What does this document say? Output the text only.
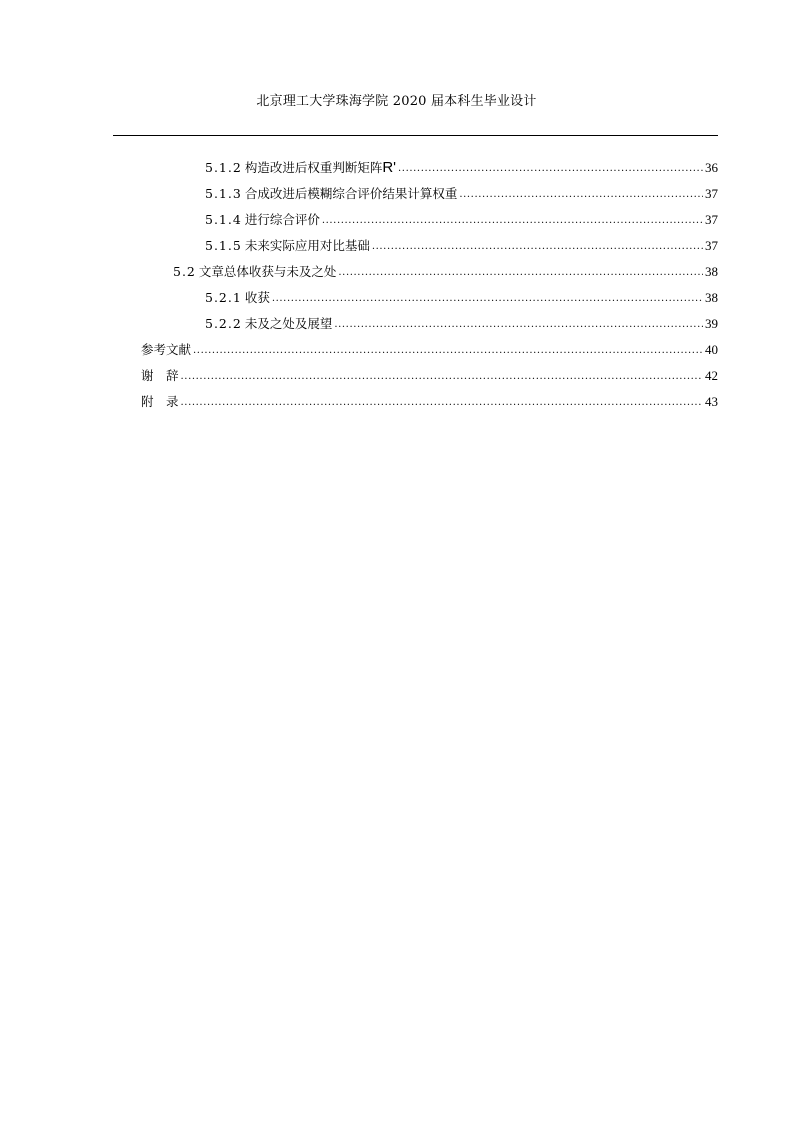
北京理工大学珠海学院 2020 届本科生毕业设计
5.1.2 构造改进后权重判断矩阵R' .....	36
5.1.3 合成改进后模糊综合评价结果计算权重 .....	37
5.1.4 进行综合评价 .....	37
5.1.5 未来实际应用对比基础 .....	37
5.2 文章总体收获与未及之处 .....	38
5.2.1 收获 .....	38
5.2.2 未及之处及展望 .....	39
参考文献 .....	40
谢　辞 .....	42
附　录 .....	43
